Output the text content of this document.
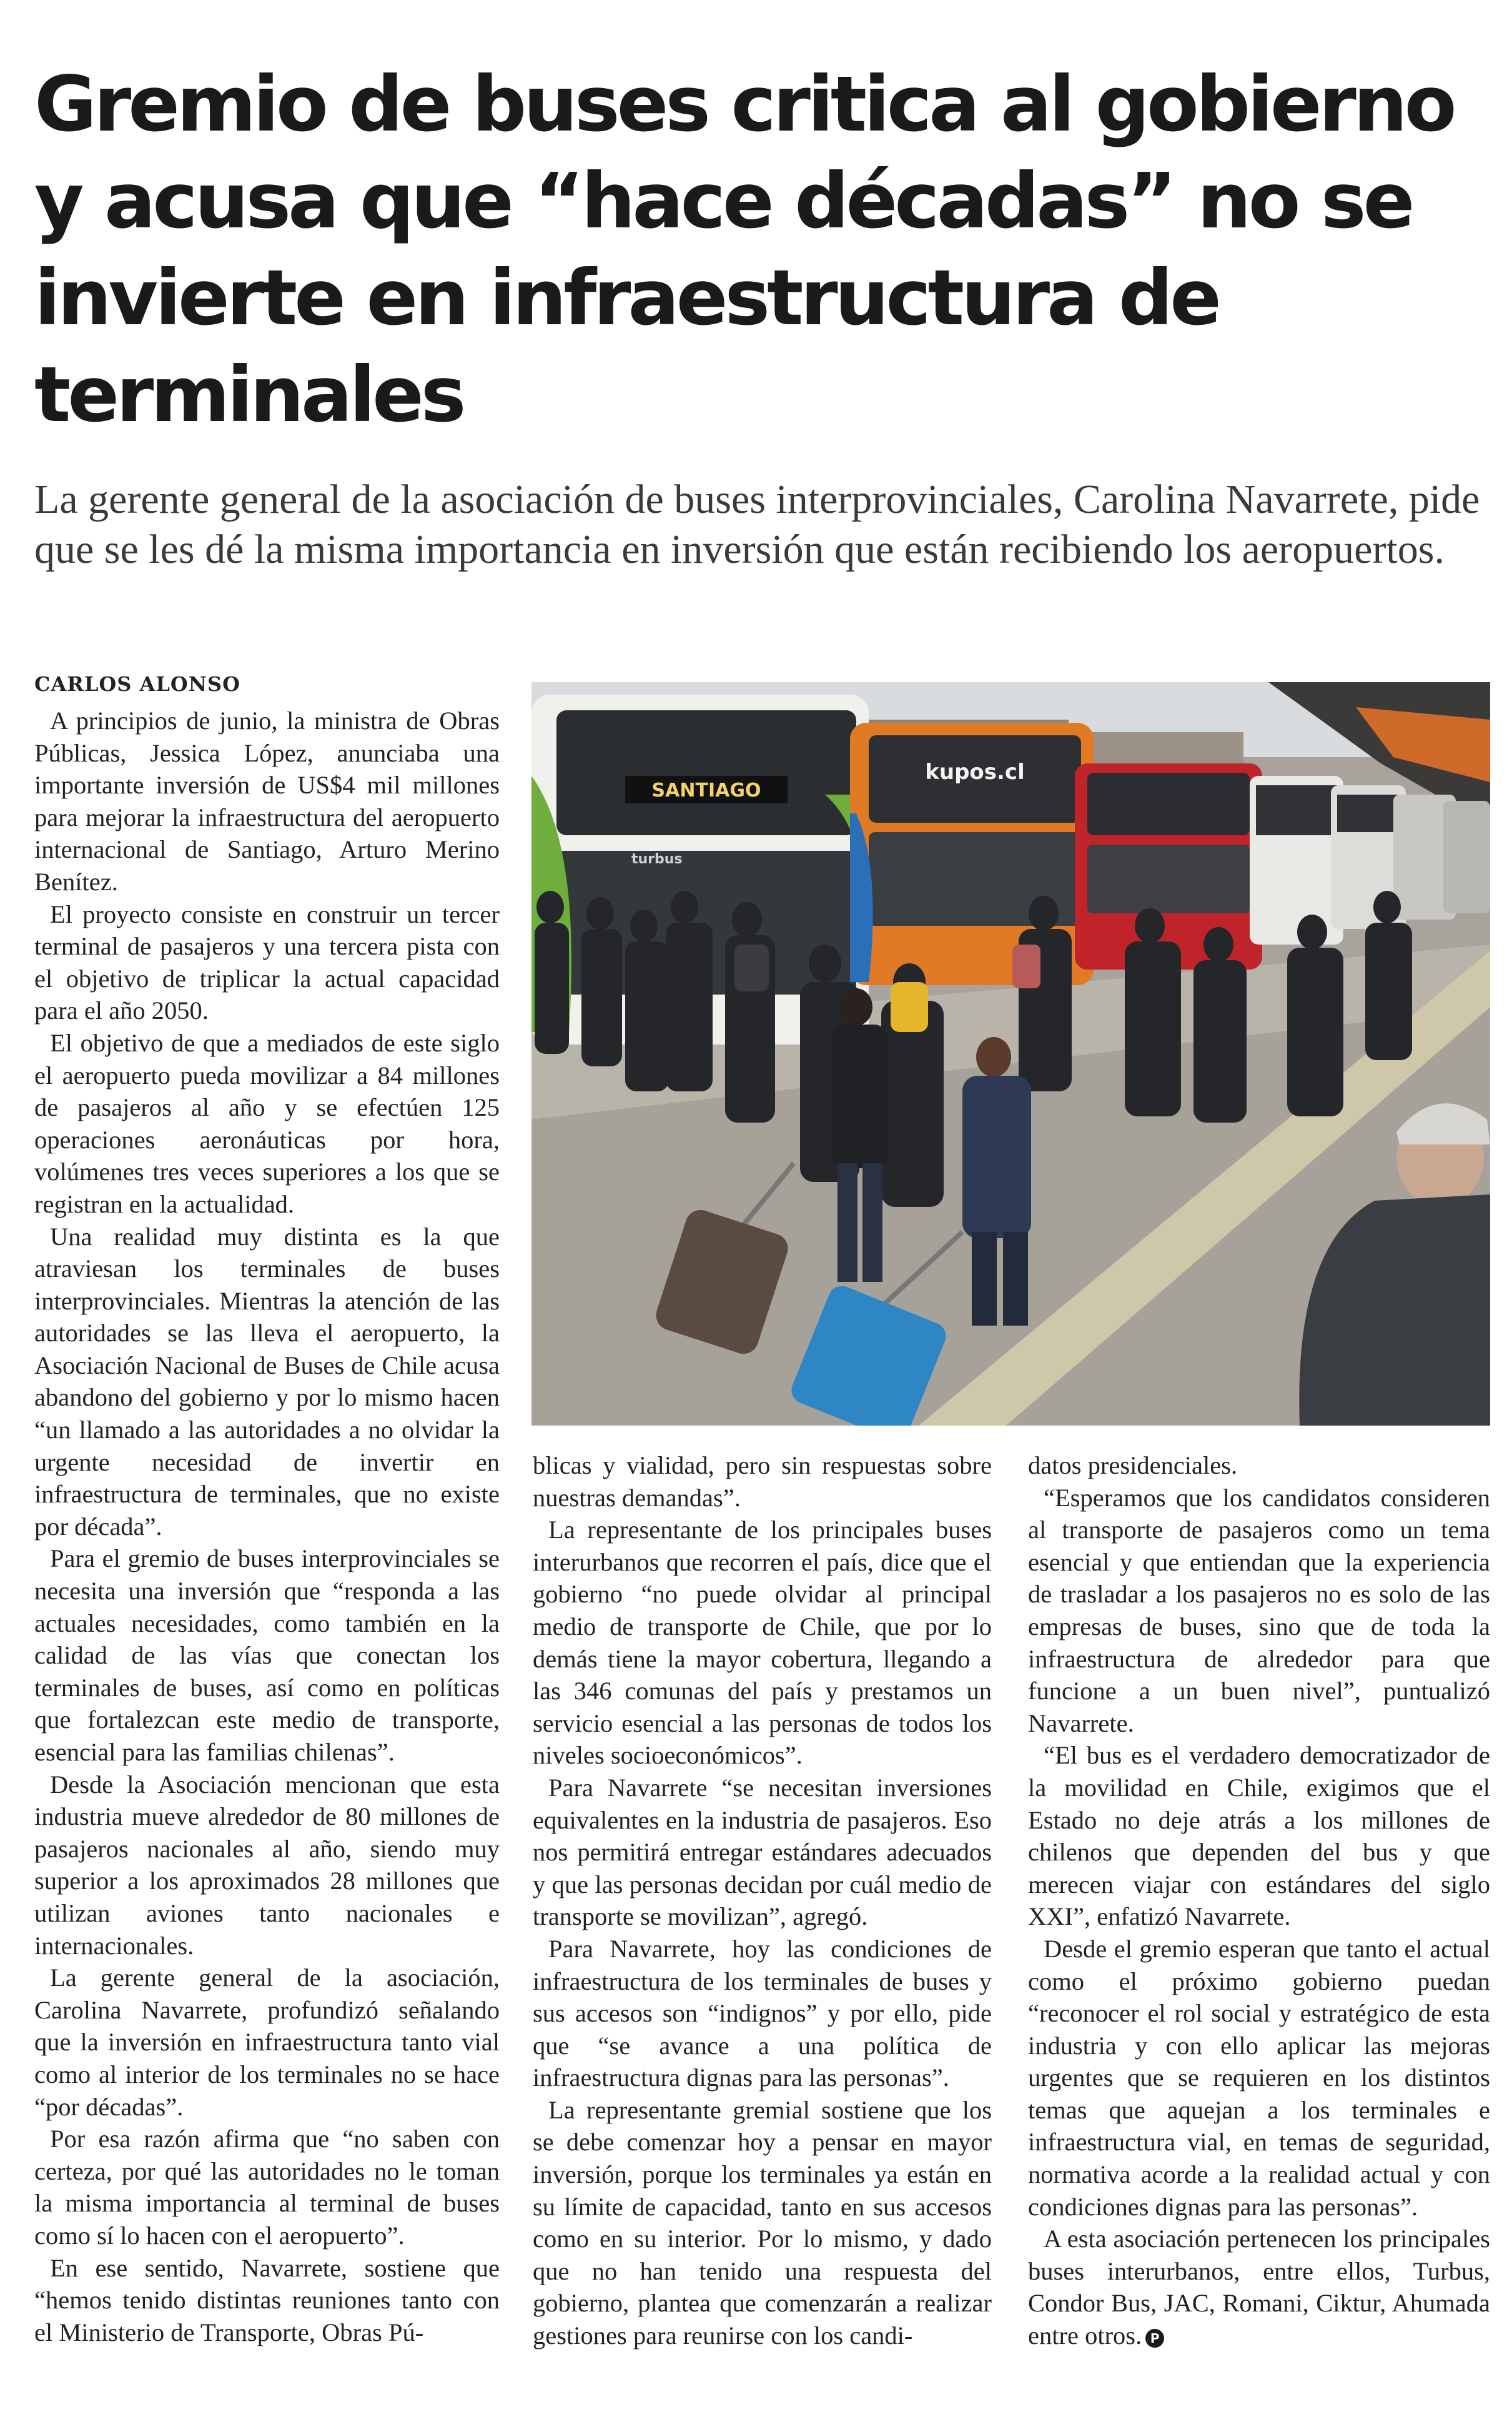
Gremio de buses critica al gobierno y acusa que “hace décadas” no se invierte en infraestructura de terminales

La gerente general de la asociación de buses interprovinciales, Carolina Navarrete, pide que se les dé la misma importancia en inversión que están recibiendo los aeropuertos.

CARLOS ALONSO

A principios de junio, la ministra de Obras Públicas, Jessica López, anunciaba una importante inversión de US$4 mil millones para mejorar la infraestructura del aeropuerto internacional de Santiago, Arturo Merino Benítez.

El proyecto consiste en construir un tercer terminal de pasajeros y una tercera pista con el objetivo de triplicar la actual capacidad para el año 2050.

El objetivo de que a mediados de este siglo el aeropuerto pueda movilizar a 84 millones de pasajeros al año y se efectúen 125 operaciones aeronáuticas por hora, volúmenes tres veces superiores a los que se registran en la actualidad.

Una realidad muy distinta es la que atraviesan los terminales de buses interprovinciales. Mientras la atención de las autoridades se las lleva el aeropuerto, la Asociación Nacional de Buses de Chile acusa abandono del gobierno y por lo mismo hacen “un llamado a las autoridades a no olvidar la urgente necesidad de invertir en infraestructura de terminales, que no existe por década”.

Para el gremio de buses interprovinciales se necesita una inversión que “responda a las actuales necesidades, como también en la calidad de las vías que conectan los terminales de buses, así como en políticas que fortalezcan este medio de transporte, esencial para las familias chilenas”.

Desde la Asociación mencionan que esta industria mueve alrededor de 80 millones de pasajeros nacionales al año, siendo muy superior a los aproximados 28 millones que utilizan aviones tanto nacionales e internacionales.

La gerente general de la asociación, Carolina Navarrete, profundizó señalando que la inversión en infraestructura tanto vial como al interior de los terminales no se hace “por décadas”.

Por esa razón afirma que “no saben con certeza, por qué las autoridades no le toman la misma importancia al terminal de buses como sí lo hacen con el aeropuerto”.

En ese sentido, Navarrete, sostiene que “hemos tenido distintas reuniones tanto con el Ministerio de Transporte, Obras Pú-

SANTIAGO
turbus
kupos.cl

blicas y vialidad, pero sin respuestas sobre nuestras demandas”.

La representante de los principales buses interurbanos que recorren el país, dice que el gobierno “no puede olvidar al principal medio de transporte de Chile, que por lo demás tiene la mayor cobertura, llegando a las 346 comunas del país y prestamos un servicio esencial a las personas de todos los niveles socioeconómicos”.

Para Navarrete “se necesitan inversiones equivalentes en la industria de pasajeros. Eso nos permitirá entregar estándares adecuados y que las personas decidan por cuál medio de transporte se movilizan”, agregó.

Para Navarrete, hoy las condiciones de infraestructura de los terminales de buses y sus accesos son “indignos” y por ello, pide que “se avance a una política de infraestructura dignas para las personas”.

La representante gremial sostiene que los se debe comenzar hoy a pensar en mayor inversión, porque los terminales ya están en su límite de capacidad, tanto en sus accesos como en su interior. Por lo mismo, y dado que no han tenido una respuesta del gobierno, plantea que comenzarán a realizar gestiones para reunirse con los candi-

datos presidenciales.

“Esperamos que los candidatos consideren al transporte de pasajeros como un tema esencial y que entiendan que la experiencia de trasladar a los pasajeros no es solo de las empresas de buses, sino que de toda la infraestructura de alrededor para que funcione a un buen nivel”, puntualizó Navarrete.

“El bus es el verdadero democratizador de la movilidad en Chile, exigimos que el Estado no deje atrás a los millones de chilenos que dependen del bus y que merecen viajar con estándares del siglo XXI”, enfatizó Navarrete.

Desde el gremio esperan que tanto el actual como el próximo gobierno puedan “reconocer el rol social y estratégico de esta industria y con ello aplicar las mejoras urgentes que se requieren en los distintos temas que aquejan a los terminales e infraestructura vial, en temas de seguridad, normativa acorde a la realidad actual y con condiciones dignas para las personas”.

A esta asociación pertenecen los principales buses interurbanos, entre ellos, Turbus, Condor Bus, JAC, Romani, Ciktur, Ahumada entre otros. P
